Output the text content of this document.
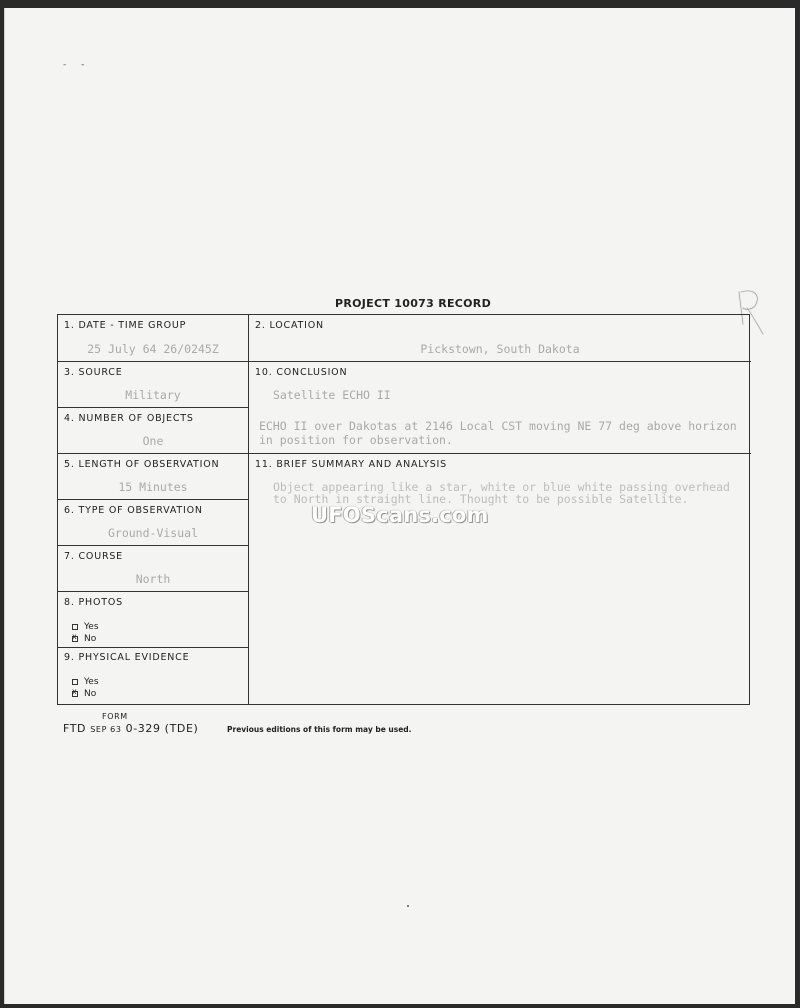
- -
PROJECT 10073 RECORD
1. DATE - TIME GROUP
25 July 64 26/0245Z
2. LOCATION
Pickstown, South Dakota
3. SOURCE
Military
10. CONCLUSION
Satellite ECHO II
ECHO II over Dakotas at 2146 Local CST moving NE 77 deg above horizon in position for observation.
4. NUMBER OF OBJECTS
One
5. LENGTH OF OBSERVATION
15 Minutes
11. BRIEF SUMMARY AND ANALYSIS
Object appearing like a star, white or blue white passing overhead to North in straight line. Thought to be possible Satellite.
6. TYPE OF OBSERVATION
Ground-Visual
7. COURSE
North
8. PHOTOS
Yes
x
No
9. PHYSICAL EVIDENCE
Yes
x
No
UFOScans.com
FORM
FTD SEP 63 0-329 (TDE)	Previous editions of this form may be used.
